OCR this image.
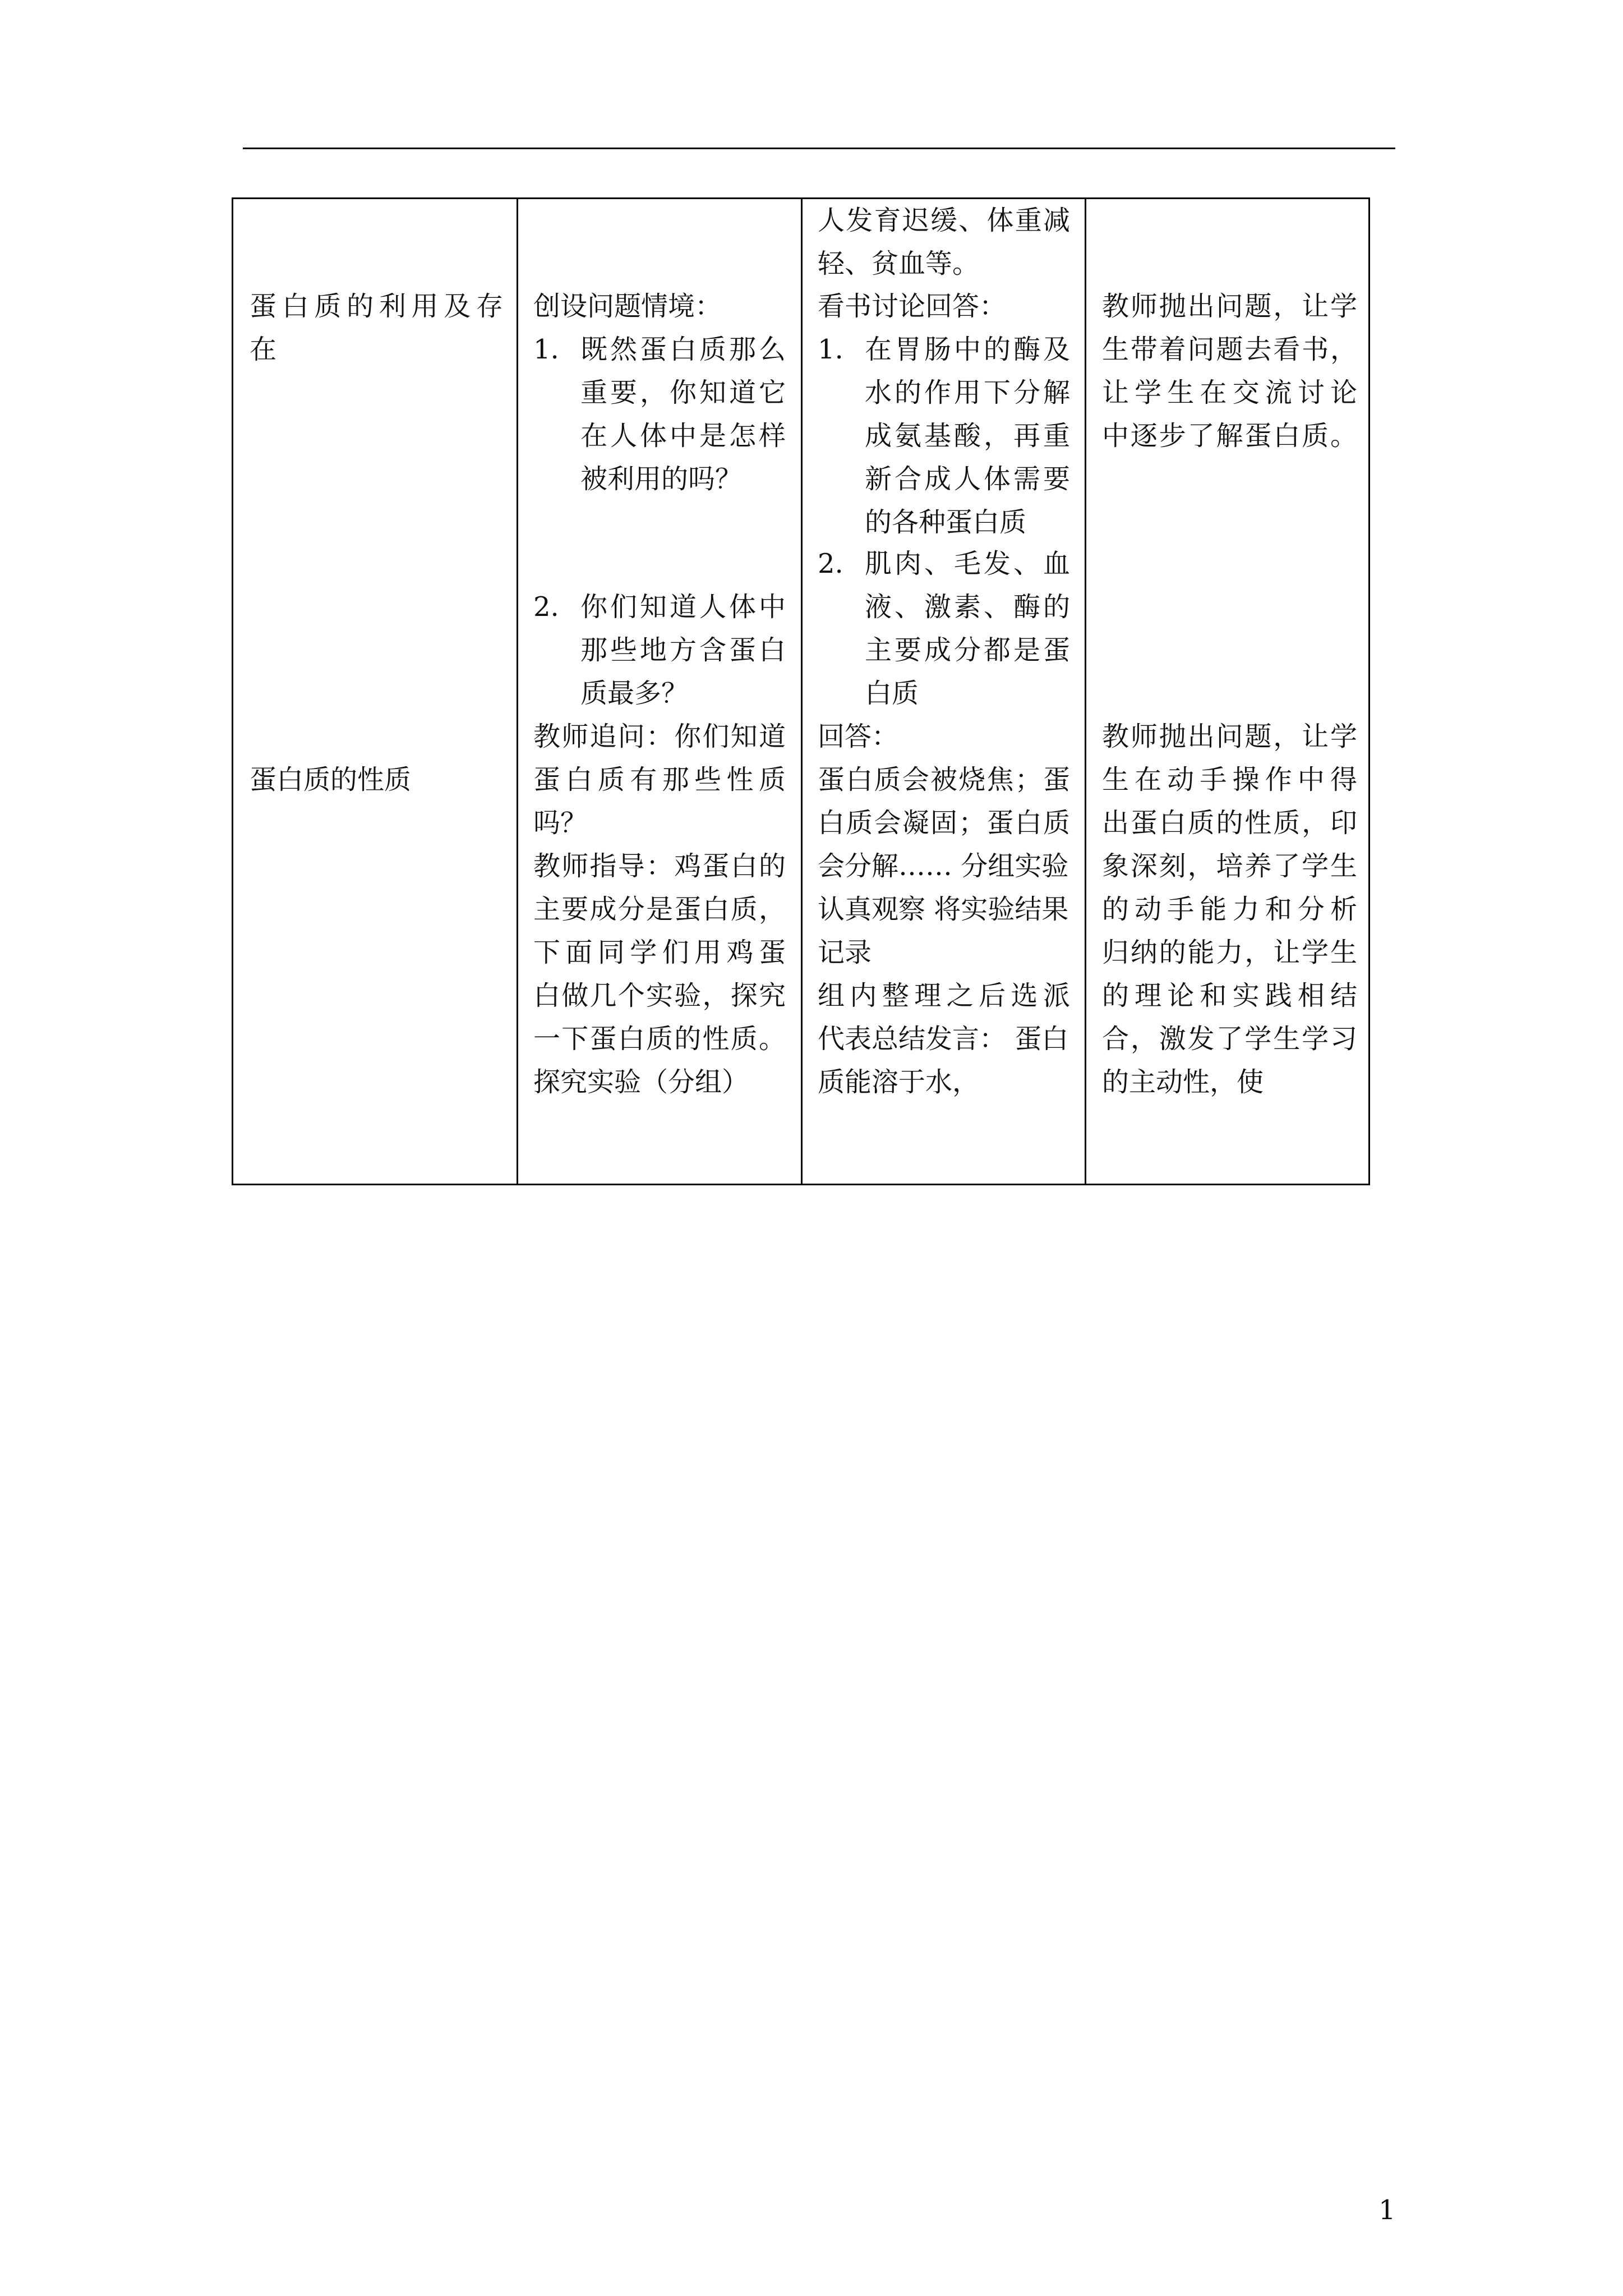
蛋白质的利用及存
在
蛋白质的性质
创设问题情境：
1. 既然蛋白质那么
重要，你知道它
在人体中是怎样
被利用的吗？
2. 你们知道人体中
那些地方含蛋白
质最多？
教师追问：你们知道
蛋白质有那些性质
吗？
教师指导：鸡蛋白的
主要成分是蛋白质，
下面同学们用鸡蛋
白做几个实验，探究
一下蛋白质的性质。
探究实验（分组）
人发育迟缓、体重减
轻、贫血等。
看书讨论回答：
1. 在胃肠中的酶及
水的作用下分解
成氨基酸，再重
新合成人体需要
的各种蛋白质
2. 肌肉、毛发、血
液、激素、酶的
主要成分都是蛋
白质
回答：
蛋白质会被烧焦；蛋
白质会凝固；蛋白质
会分解…… 分组实验 认真观察 将实验结果记录
组内整理之后选派
代表总结发言： 蛋白质能溶于水，
教师抛出问题，让学
生带着问题去看书，
让学生在交流讨论
中逐步了解蛋白质。
教师抛出问题，让学
生在动手操作中得
出蛋白质的性质，印
象深刻，培养了学生
的动手能力和分析
归纳的能力，让学生
的理论和实践相结
合，激发了学生学习
的主动性，使
1
